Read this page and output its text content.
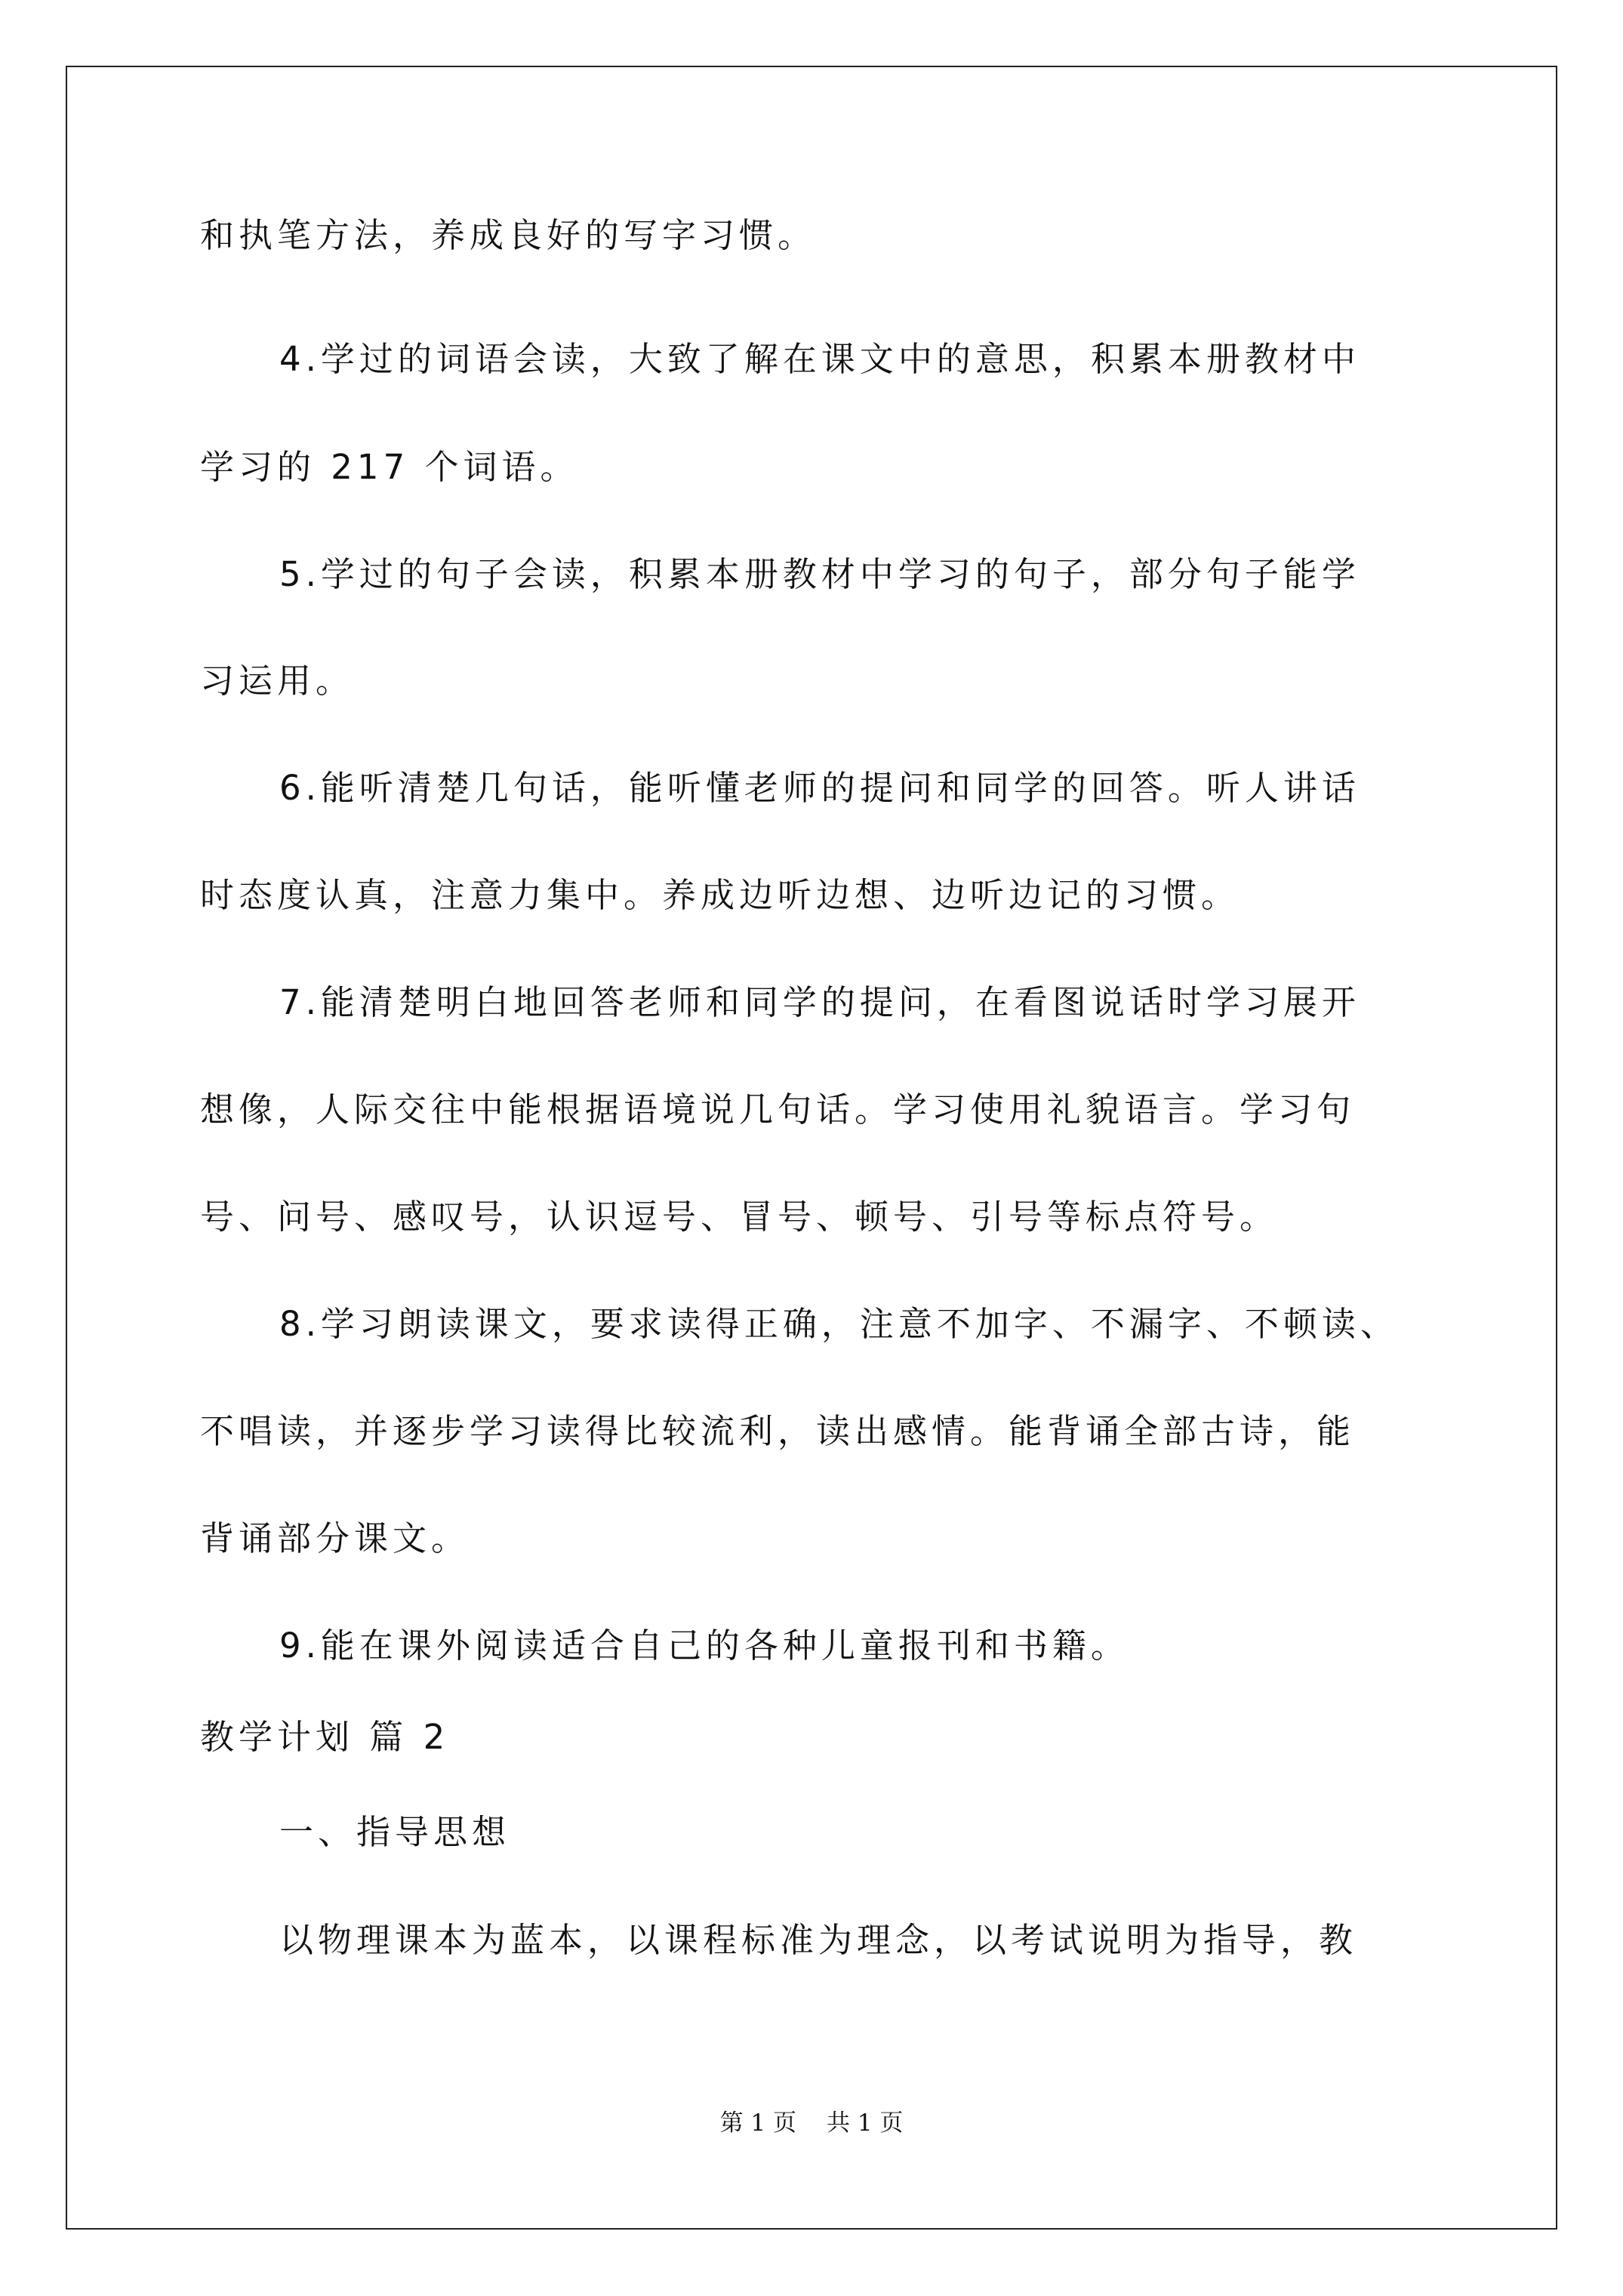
和执笔方法，养成良好的写字习惯。
4.学过的词语会读，大致了解在课文中的意思，积累本册教材中
学习的 217 个词语。
5.学过的句子会读，积累本册教材中学习的句子，部分句子能学
习运用。
6.能听清楚几句话，能听懂老师的提问和同学的回答。听人讲话
时态度认真，注意力集中。养成边听边想、边听边记的习惯。
7.能清楚明白地回答老师和同学的提问，在看图说话时学习展开
想像，人际交往中能根据语境说几句话。学习使用礼貌语言。学习句
号、问号、感叹号，认识逗号、冒号、顿号、引号等标点符号。
8.学习朗读课文，要求读得正确，注意不加字、不漏字、不顿读、
不唱读，并逐步学习读得比较流利，读出感情。能背诵全部古诗，能
背诵部分课文。
9.能在课外阅读适合自己的各种儿童报刊和书籍。
教学计划 篇 2
一、指导思想
以物理课本为蓝本，以课程标准为理念，以考试说明为指导，教
第 1 页 共 1 页
